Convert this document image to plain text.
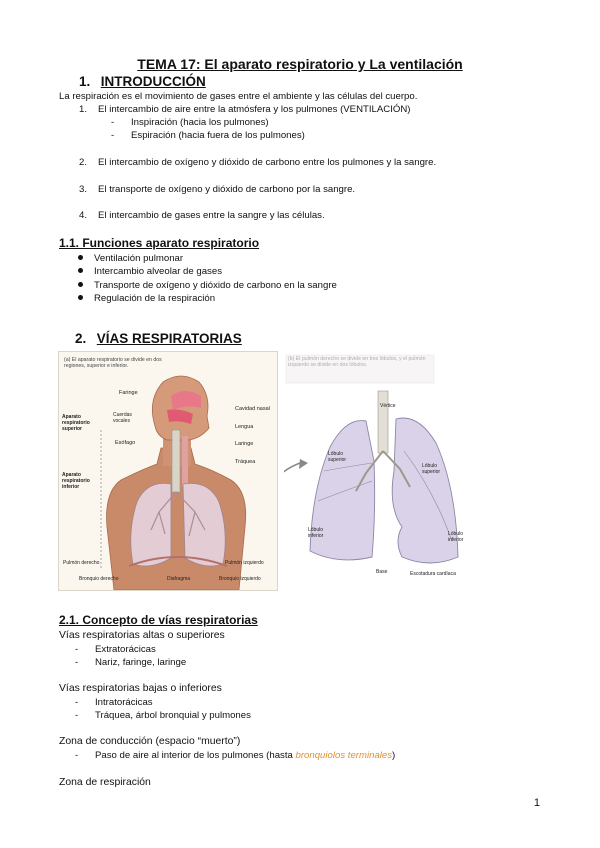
TEMA 17: El aparato respiratorio y La ventilación
1. INTRODUCCIÓN
La respiración es el movimiento de gases entre el ambiente y las células del cuerpo.
1. El intercambio de aire entre la atmósfera y los pulmones (VENTILACIÓN)
- Inspiración (hacia los pulmones)
- Espiración (hacia fuera de los pulmones)
2. El intercambio de oxígeno y dióxido de carbono entre los pulmones y la sangre.
3. El transporte de oxígeno y dióxido de carbono por la sangre.
4. El intercambio de gases entre la sangre y las células.
1.1. Funciones aparato respiratorio
Ventilación pulmonar
Intercambio alveolar de gases
Transporte de oxígeno y dióxido de carbono en la sangre
Regulación de la respiración
2. VÍAS RESPIRATORIAS
(a) El aparato respiratorio se divide en dos regiones, superior e inferior.
Faringe
Cuerdas vocales
Esófago
Aparato respiratorio superior
Aparato respiratorio inferior
Cavidad nasal
Lengua
Laringe
Tráquea
Pulmón derecho	Pulmón izquierdo
Bronquio derecho	Diafragma	Bronquio izquierdo
Vértice
Lóbulo superior
Lóbulo superior
Lóbulo inferior	Lóbulo inferior
Base	Escotadura cardíaca
2.1. Concepto de vías respiratorias
Vías respiratorias altas o superiores
- Extratorácicas
- Nariz, faringe, laringe
Vías respiratorias bajas o inferiores
- Intratorácicas
- Tráquea, árbol bronquial y pulmones
Zona de conducción (espacio “muerto”)
- Paso de aire al interior de los pulmones (hasta bronquiolos terminales)
Zona de respiración
1
